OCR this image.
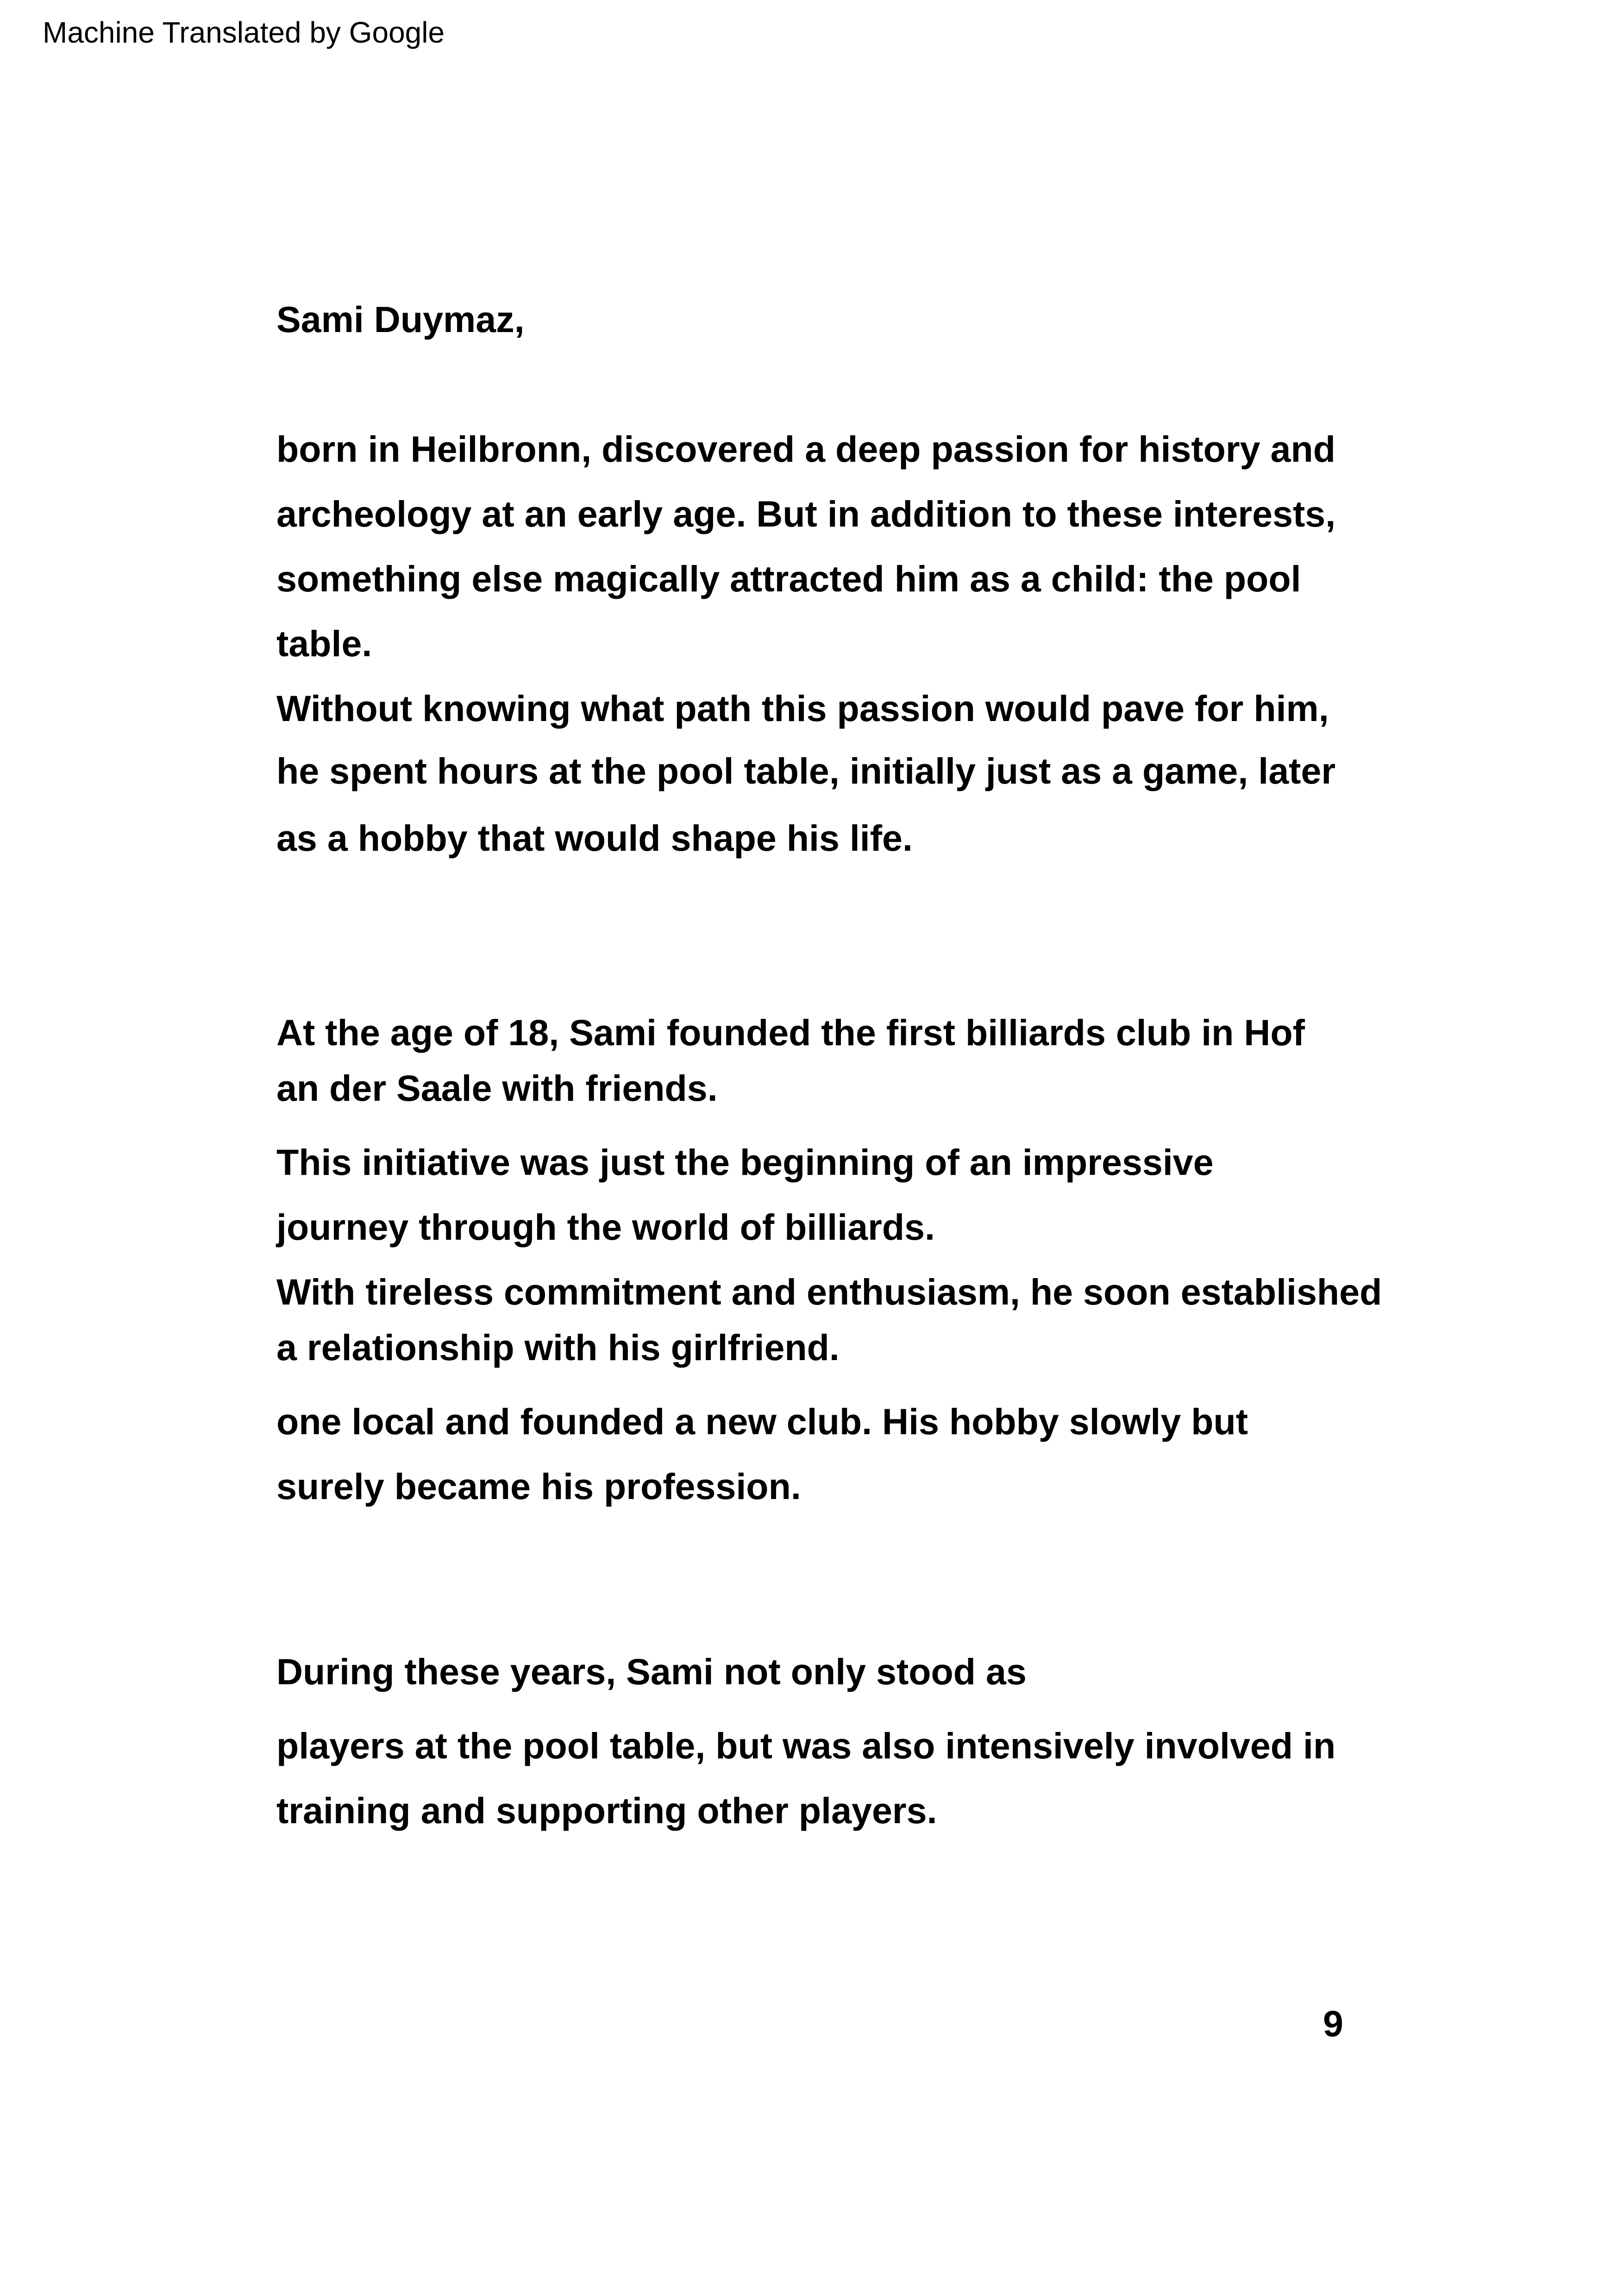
Machine Translated by Google
Sami Duymaz,
born in Heilbronn, discovered a deep passion for history and
archeology at an early age. But in addition to these interests,
something else magically attracted him as a child: the pool
table.
Without knowing what path this passion would pave for him,
he spent hours at the pool table, initially just as a game, later
as a hobby that would shape his life.
At the age of 18, Sami founded the first billiards club in Hof
an der Saale with friends.
This initiative was just the beginning of an impressive
journey through the world of billiards.
With tireless commitment and enthusiasm, he soon established
a relationship with his girlfriend.
one local and founded a new club. His hobby slowly but
surely became his profession.
During these years, Sami not only stood as
players at the pool table, but was also intensively involved in
training and supporting other players.
9
